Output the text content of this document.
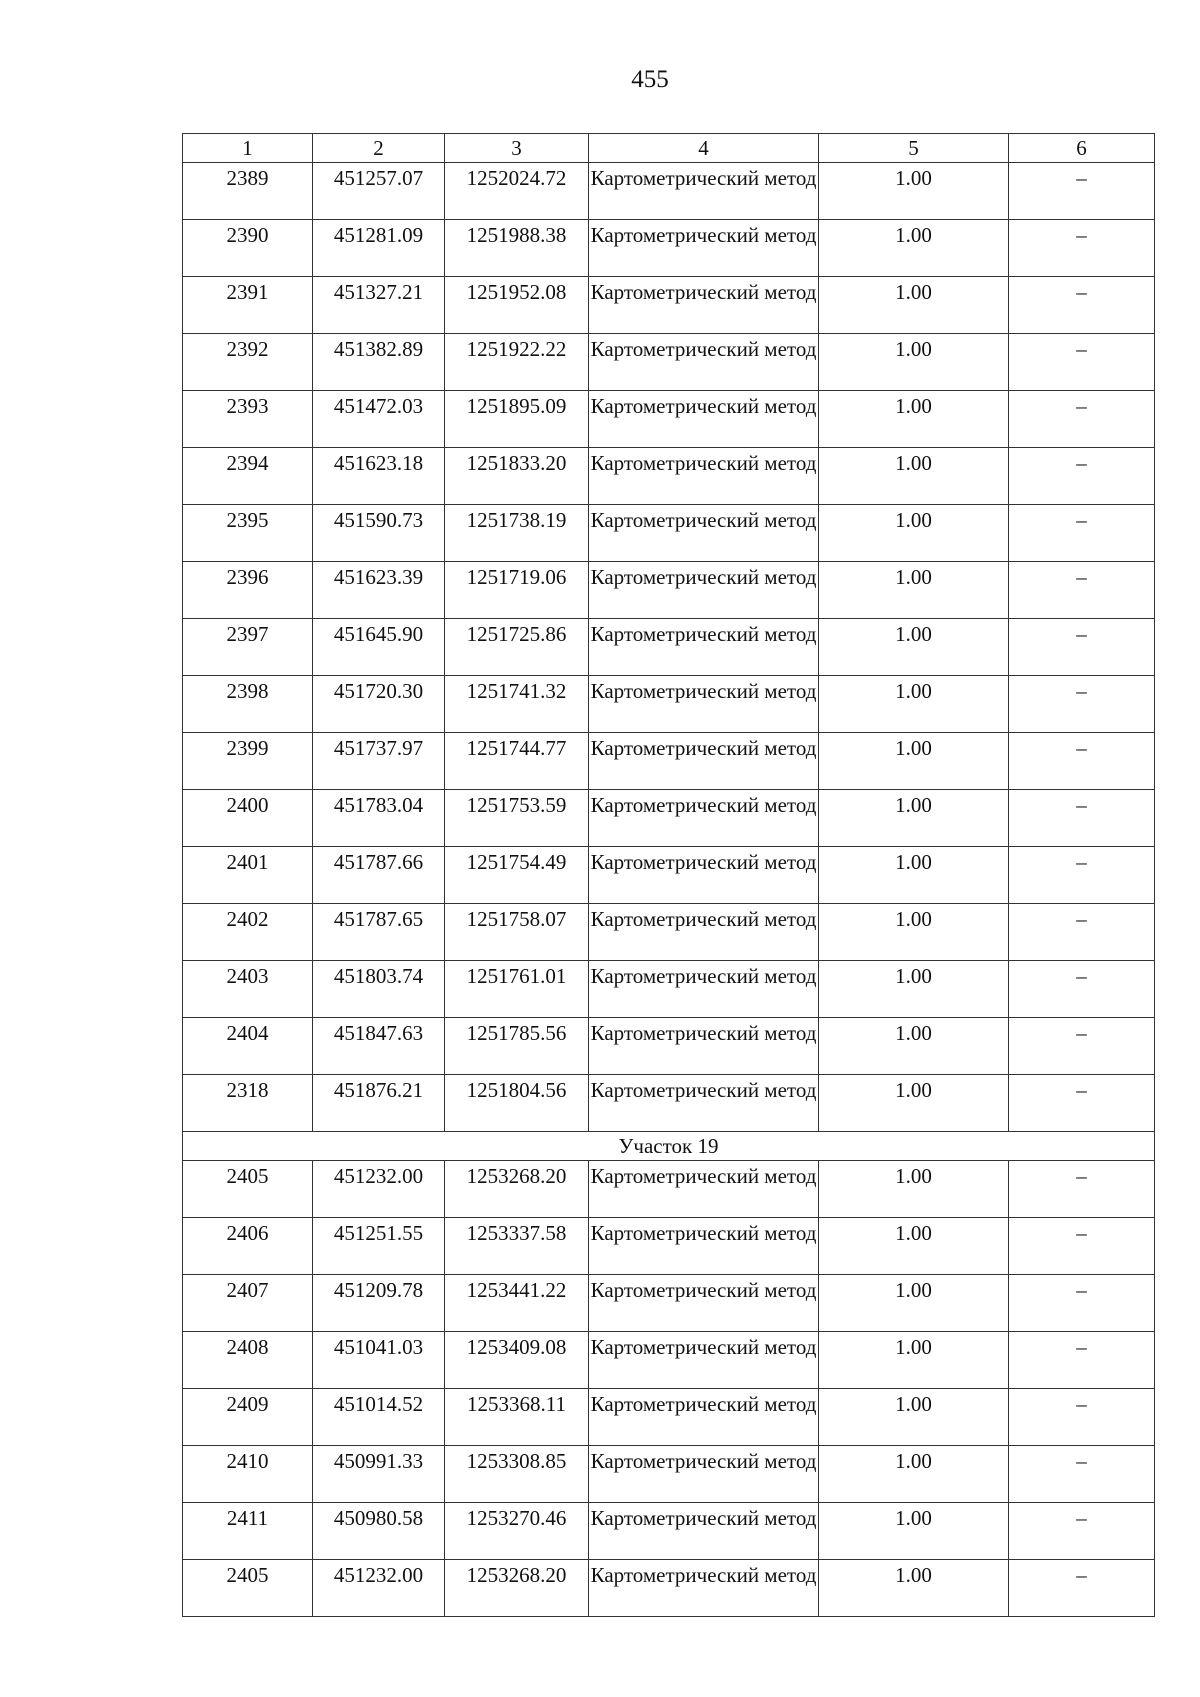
455
1	2	3	4	5	6
2389	451257.07	1252024.72	Картометрический метод	1.00	–
2390	451281.09	1251988.38	Картометрический метод	1.00	–
2391	451327.21	1251952.08	Картометрический метод	1.00	–
2392	451382.89	1251922.22	Картометрический метод	1.00	–
2393	451472.03	1251895.09	Картометрический метод	1.00	–
2394	451623.18	1251833.20	Картометрический метод	1.00	–
2395	451590.73	1251738.19	Картометрический метод	1.00	–
2396	451623.39	1251719.06	Картометрический метод	1.00	–
2397	451645.90	1251725.86	Картометрический метод	1.00	–
2398	451720.30	1251741.32	Картометрический метод	1.00	–
2399	451737.97	1251744.77	Картометрический метод	1.00	–
2400	451783.04	1251753.59	Картометрический метод	1.00	–
2401	451787.66	1251754.49	Картометрический метод	1.00	–
2402	451787.65	1251758.07	Картометрический метод	1.00	–
2403	451803.74	1251761.01	Картометрический метод	1.00	–
2404	451847.63	1251785.56	Картометрический метод	1.00	–
2318	451876.21	1251804.56	Картометрический метод	1.00	–
Участок 19					
2405	451232.00	1253268.20	Картометрический метод	1.00	–
2406	451251.55	1253337.58	Картометрический метод	1.00	–
2407	451209.78	1253441.22	Картометрический метод	1.00	–
2408	451041.03	1253409.08	Картометрический метод	1.00	–
2409	451014.52	1253368.11	Картометрический метод	1.00	–
2410	450991.33	1253308.85	Картометрический метод	1.00	–
2411	450980.58	1253270.46	Картометрический метод	1.00	–
2405	451232.00	1253268.20	Картометрический метод	1.00	–
